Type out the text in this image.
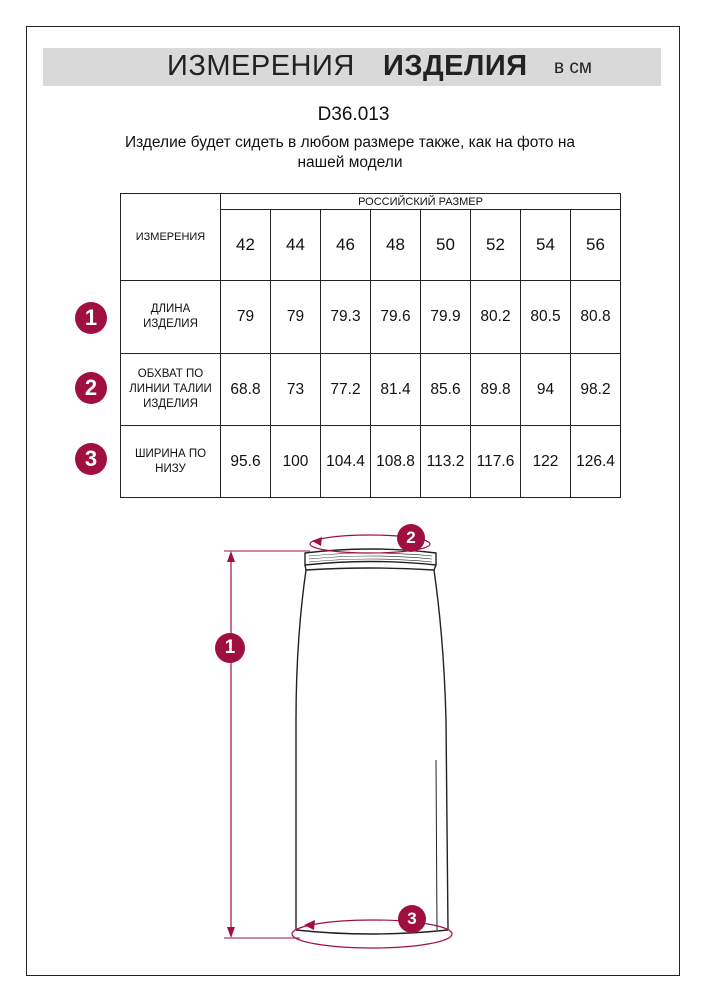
ИЗМЕРЕНИЯ ИЗДЕЛИЯ в см
D36.013
Изделие будет сидеть в любом размере также, как на фото на нашей модели
ИЗМЕРЕНИЯ	РОССИЙСКИЙ РАЗМЕР							
	42	44	46	48	50	52	54	56
ДЛИНА
ИЗДЕЛИЯ	79	79	79.3	79.6	79.9	80.2	80.5	80.8
ОБХВАТ ПО
ЛИНИИ ТАЛИИ
ИЗДЕЛИЯ	68.8	73	77.2	81.4	85.6	89.8	94	98.2
ШИРИНА ПО
НИЗУ	95.6	100	104.4	108.8	113.2	117.6	122	126.4
1
2
3
1
2
3
